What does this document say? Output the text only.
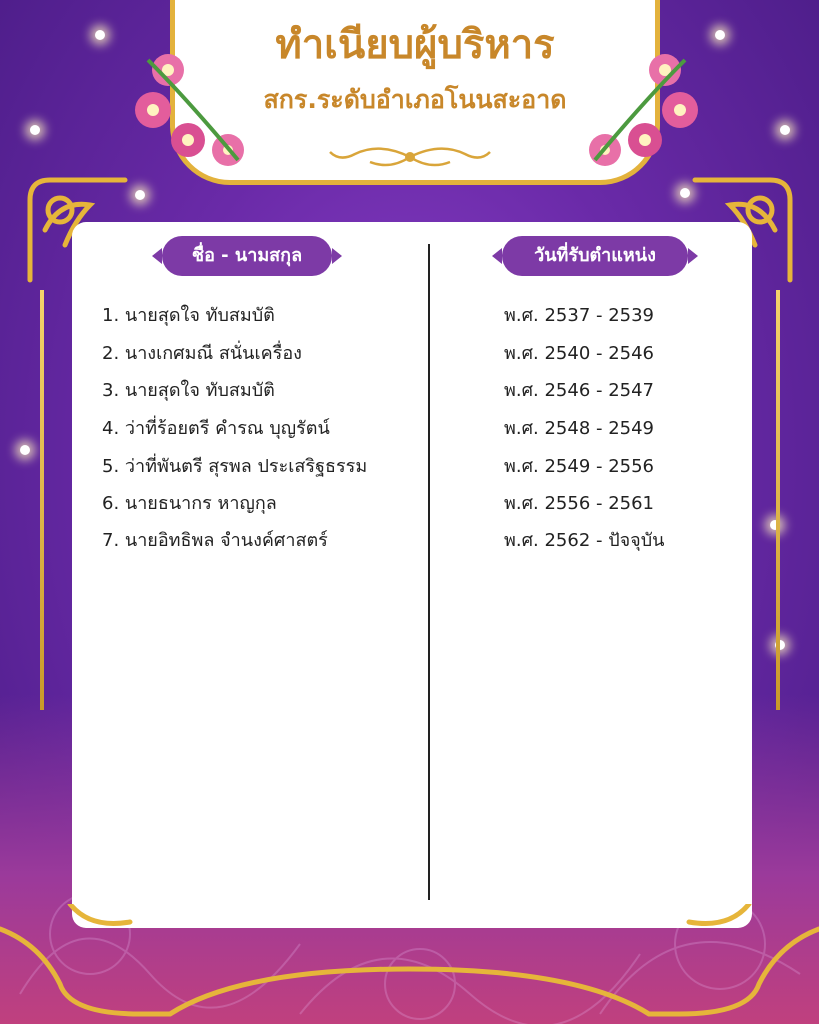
ทำเนียบผู้บริหาร
สกร.ระดับอำเภอโนนสะอาด
ชื่อ - นามสกุล	วันที่รับตำแหน่ง
1. นายสุดใจ ทับสมบัติ
2. นางเกศมณี สนั่นเครื่อง
3. นายสุดใจ ทับสมบัติ
4. ว่าที่ร้อยตรี คำรณ บุญรัตน์
5. ว่าที่พันตรี สุรพล ประเสริฐธรรม
6. นายธนากร หาญกุล
7. นายอิทธิพล จำนงค์ศาสตร์
พ.ศ. 2537 - 2539
พ.ศ. 2540 - 2546
พ.ศ. 2546 - 2547
พ.ศ. 2548 - 2549
พ.ศ. 2549 - 2556
พ.ศ. 2556 - 2561
พ.ศ. 2562 - ปัจจุบัน
